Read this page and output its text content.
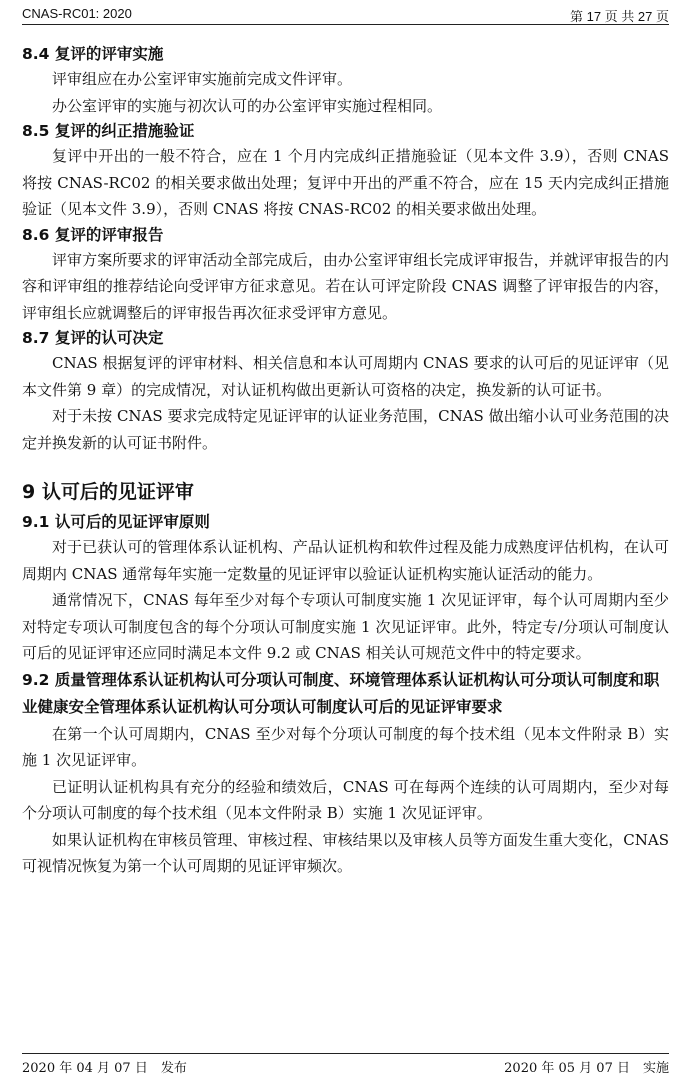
CNAS-RC01: 2020	第 17 页 共 27 页
8.4 复评的评审实施

评审组应在办公室评审实施前完成文件评审。

办公室评审的实施与初次认可的办公室评审实施过程相同。

8.5 复评的纠正措施验证

复评中开出的一般不符合，应在 1 个月内完成纠正措施验证（见本文件 3.9），否则 CNAS 将按 CNAS-RC02 的相关要求做出处理；复评中开出的严重不符合，应在 15 天内完成纠正措施验证（见本文件 3.9），否则 CNAS 将按 CNAS-RC02 的相关要求做出处理。

8.6 复评的评审报告

评审方案所要求的评审活动全部完成后，由办公室评审组长完成评审报告，并就评审报告的内容和评审组的推荐结论向受评审方征求意见。若在认可评定阶段 CNAS 调整了评审报告的内容，评审组长应就调整后的评审报告再次征求受评审方意见。

8.7 复评的认可决定

CNAS 根据复评的评审材料、相关信息和本认可周期内 CNAS 要求的认可后的见证评审（见本文件第 9 章）的完成情况，对认证机构做出更新认可资格的决定，换发新的认可证书。

对于未按 CNAS 要求完成特定见证评审的认证业务范围，CNAS 做出缩小认可业务范围的决定并换发新的认可证书附件。

9 认可后的见证评审
9.1 认可后的见证评审原则

对于已获认可的管理体系认证机构、产品认证机构和软件过程及能力成熟度评估机构，在认可周期内 CNAS 通常每年实施一定数量的见证评审以验证认证机构实施认证活动的能力。

通常情况下，CNAS 每年至少对每个专项认可制度实施 1 次见证评审，每个认可周期内至少对特定专项认可制度包含的每个分项认可制度实施 1 次见证评审。此外，特定专/分项认可制度认可后的见证评审还应同时满足本文件 9.2 或 CNAS 相关认可规范文件中的特定要求。

9.2 质量管理体系认证机构认可分项认可制度、环境管理体系认证机构认可分项认可制度和职业健康安全管理体系认证机构认可分项认可制度认可后的见证评审要求

在第一个认可周期内，CNAS 至少对每个分项认可制度的每个技术组（见本文件附录 B）实施 1 次见证评审。

已证明认证机构具有充分的经验和绩效后，CNAS 可在每两个连续的认可周期内，至少对每个分项认可制度的每个技术组（见本文件附录 B）实施 1 次见证评审。

如果认证机构在审核员管理、审核过程、审核结果以及审核人员等方面发生重大变化，CNAS 可视情况恢复为第一个认可周期的见证评审频次。

2020 年 04 月 07 日　发布	2020 年 05 月 07 日　实施
